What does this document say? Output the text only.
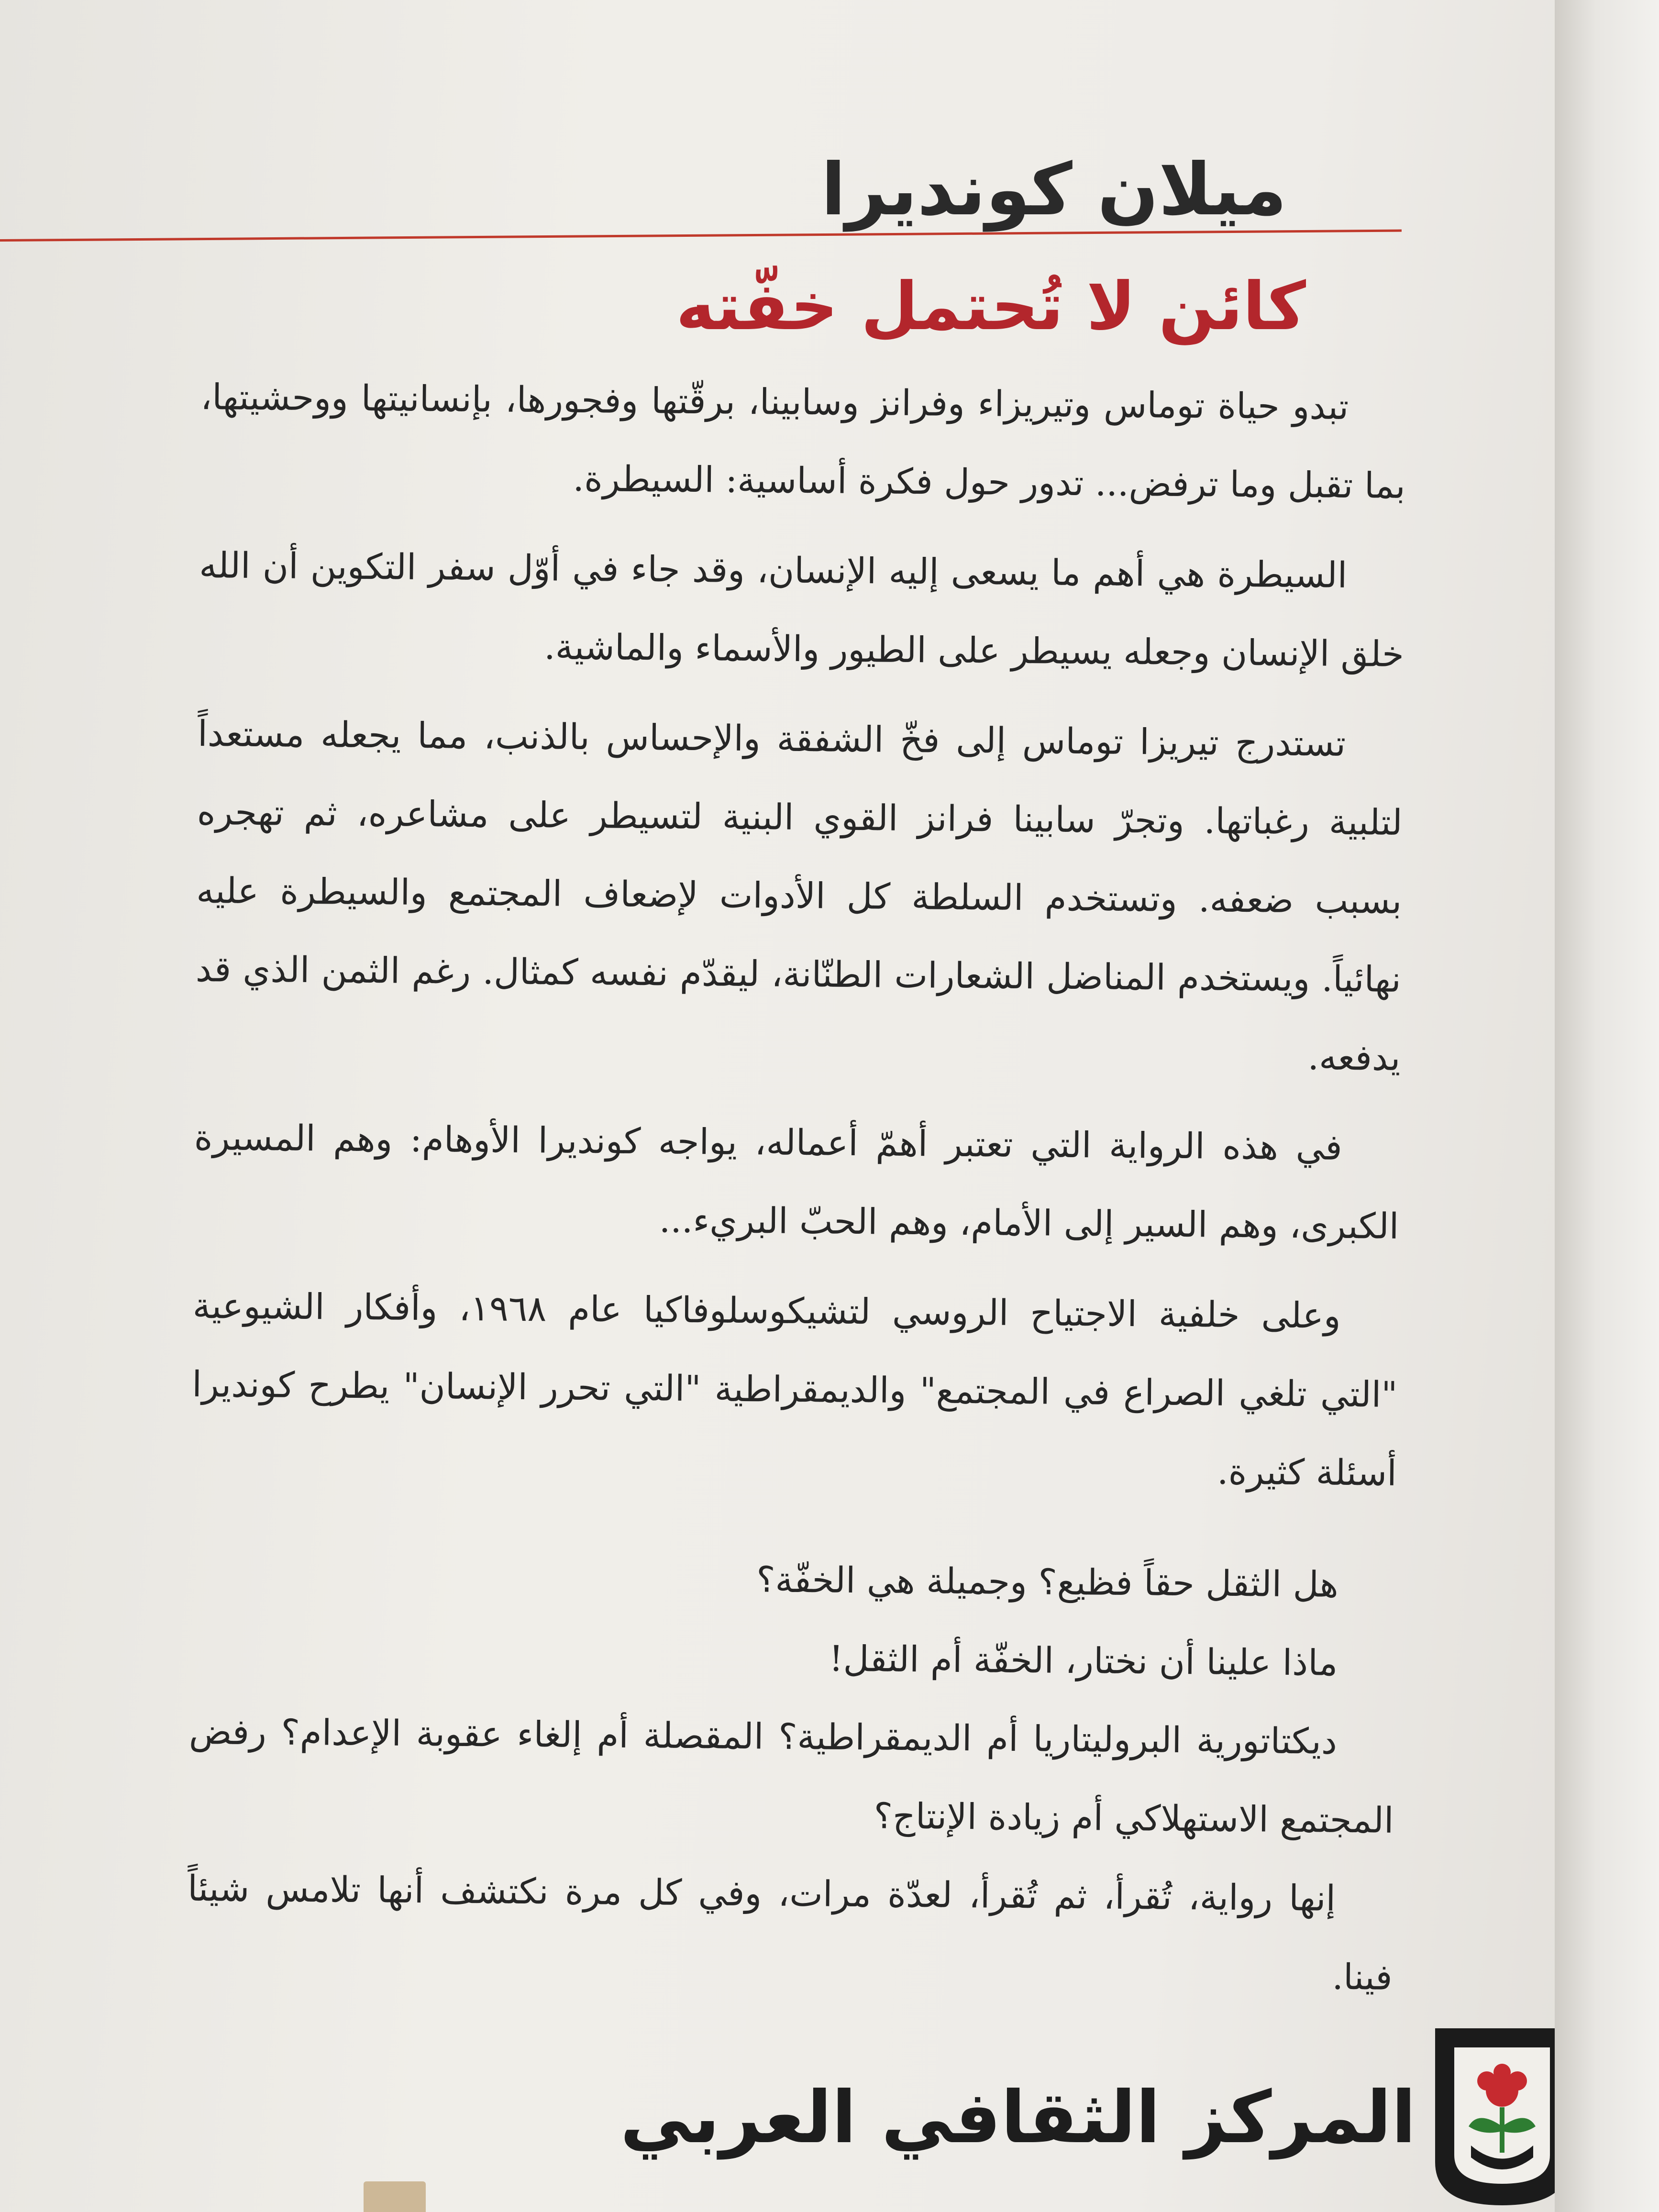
ميلان كونديرا
كائن لا تُحتمل خفّته

تبدو حياة توماس وتيريزاء وفرانز وسابينا، برقّتها وفجورها، بإنسانيتها ووحشيتها، بما تقبل وما ترفض... تدور حول فكرة أساسية: السيطرة.

السيطرة هي أهم ما يسعى إليه الإنسان، وقد جاء في أوّل سفر التكوين أن الله خلق الإنسان وجعله يسيطر على الطيور والأسماء والماشية.

تستدرج تيريزا توماس إلى فخّ الشفقة والإحساس بالذنب، مما يجعله مستعداً لتلبية رغباتها. وتجرّ سابينا فرانز القوي البنية لتسيطر على مشاعره، ثم تهجره بسبب ضعفه. وتستخدم السلطة كل الأدوات لإضعاف المجتمع والسيطرة عليه نهائياً. ويستخدم المناضل الشعارات الطنّانة، ليقدّم نفسه كمثال. رغم الثمن الذي قد يدفعه.

في هذه الرواية التي تعتبر أهمّ أعماله، يواجه كونديرا الأوهام: وهم المسيرة الكبرى، وهم السير إلى الأمام، وهم الحبّ البريء...

وعلى خلفية الاجتياح الروسي لتشيكوسلوفاكيا عام ١٩٦٨، وأفكار الشيوعية "التي تلغي الصراع في المجتمع" والديمقراطية "التي تحرر الإنسان" يطرح كونديرا أسئلة كثيرة.

هل الثقل حقاً فظيع؟ وجميلة هي الخفّة؟

ماذا علينا أن نختار، الخفّة أم الثقل!

ديكتاتورية البروليتاريا أم الديمقراطية؟ المقصلة أم إلغاء عقوبة الإعدام؟ رفض المجتمع الاستهلاكي أم زيادة الإنتاج؟

إنها رواية، تُقرأ، ثم تُقرأ، لعدّة مرات، وفي كل مرة نكتشف أنها تلامس شيئاً فينا.

المركز الثقافي العربي
